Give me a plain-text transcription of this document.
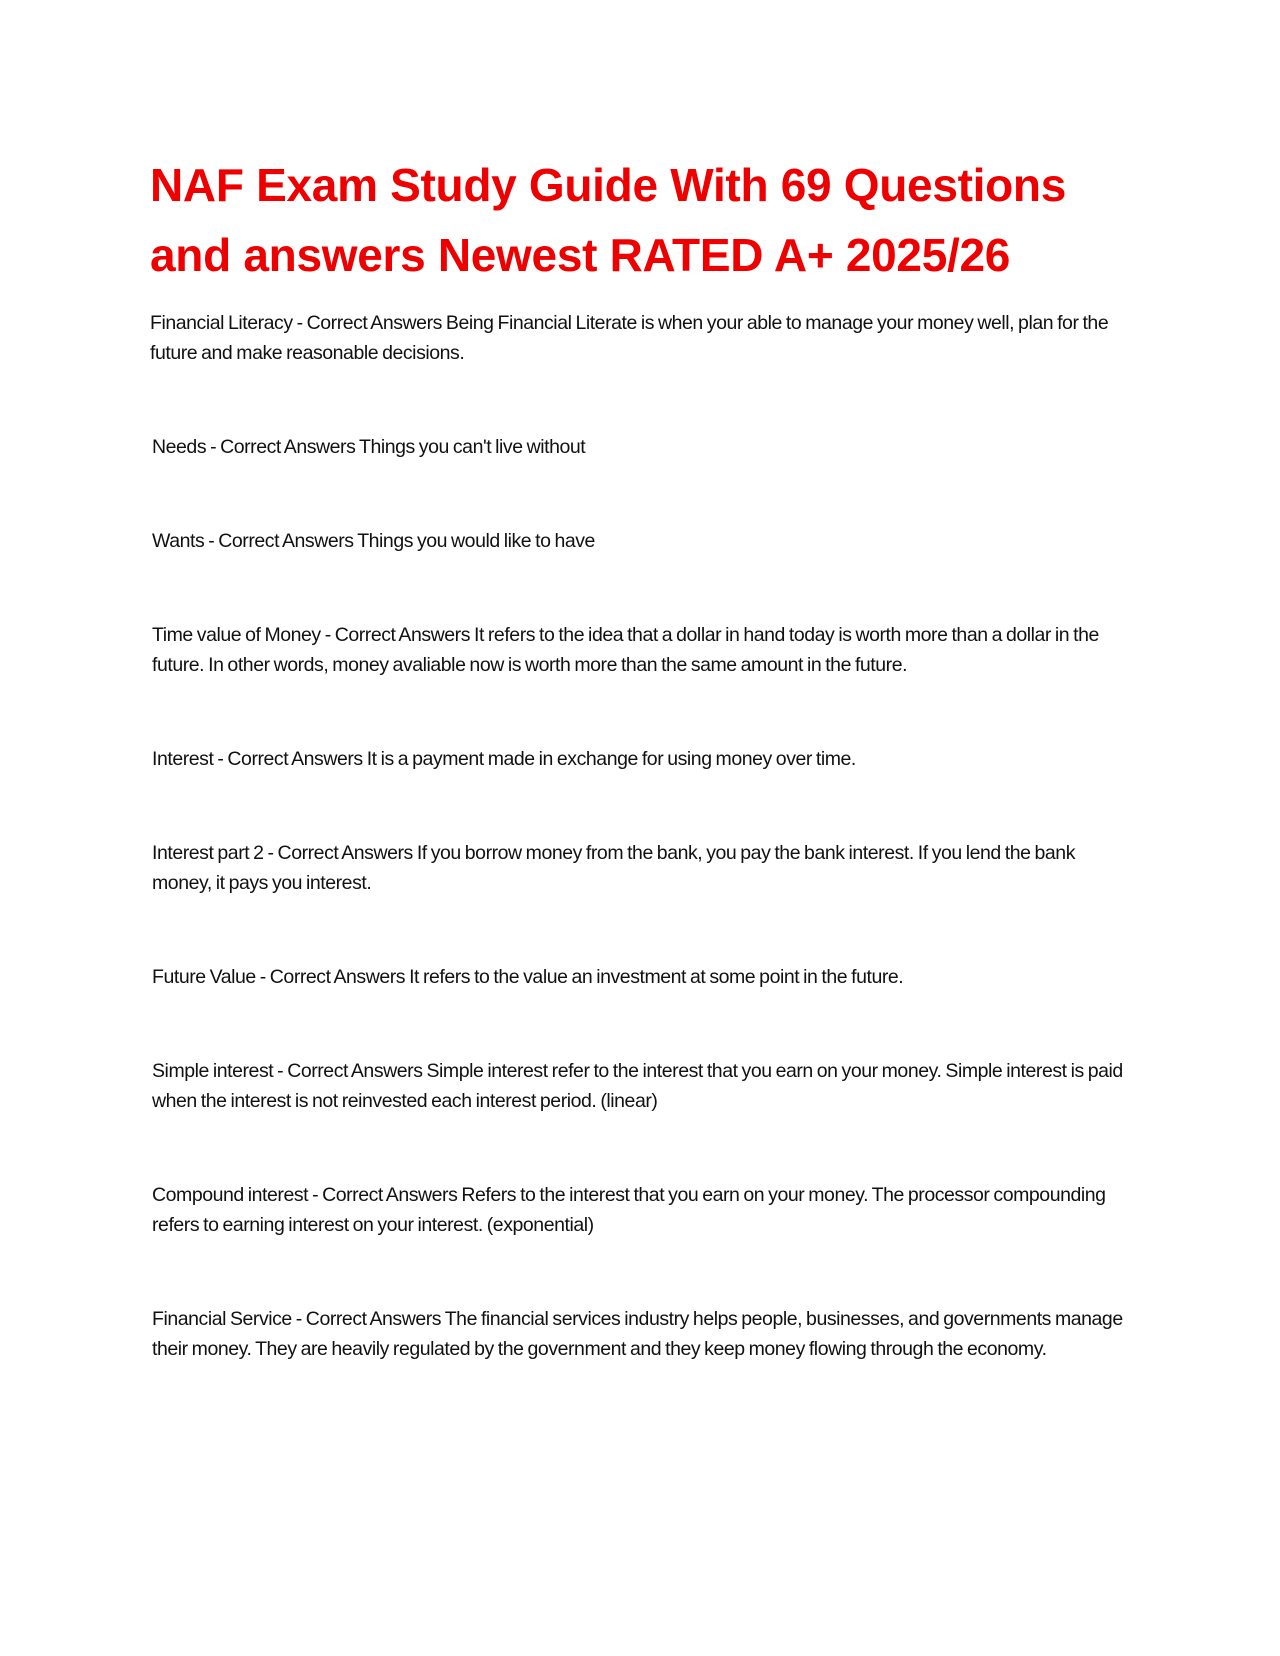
NAF Exam Study Guide With 69 Questions and answers Newest RATED A+ 2025/26

Financial Literacy - Correct Answers Being Financial Literate is when your able to manage your money well, plan for the future and make reasonable decisions.

Needs - Correct Answers Things you can't live without

Wants - Correct Answers Things you would like to have

Time value of Money - Correct Answers It refers to the idea that a dollar in hand today is worth more than a dollar in the future. In other words, money avaliable now is worth more than the same amount in the future.

Interest - Correct Answers It is a payment made in exchange for using money over time.

Interest part 2 - Correct Answers If you borrow money from the bank, you pay the bank interest. If you lend the bank money, it pays you interest.

Future Value - Correct Answers It refers to the value an investment at some point in the future.

Simple interest - Correct Answers Simple interest refer to the interest that you earn on your money. Simple interest is paid when the interest is not reinvested each interest period. (linear)

Compound interest - Correct Answers Refers to the interest that you earn on your money. The processor compounding refers to earning interest on your interest. (exponential)

Financial Service - Correct Answers The financial services industry helps people, businesses, and governments manage their money. They are heavily regulated by the government and they keep money flowing through the economy.
